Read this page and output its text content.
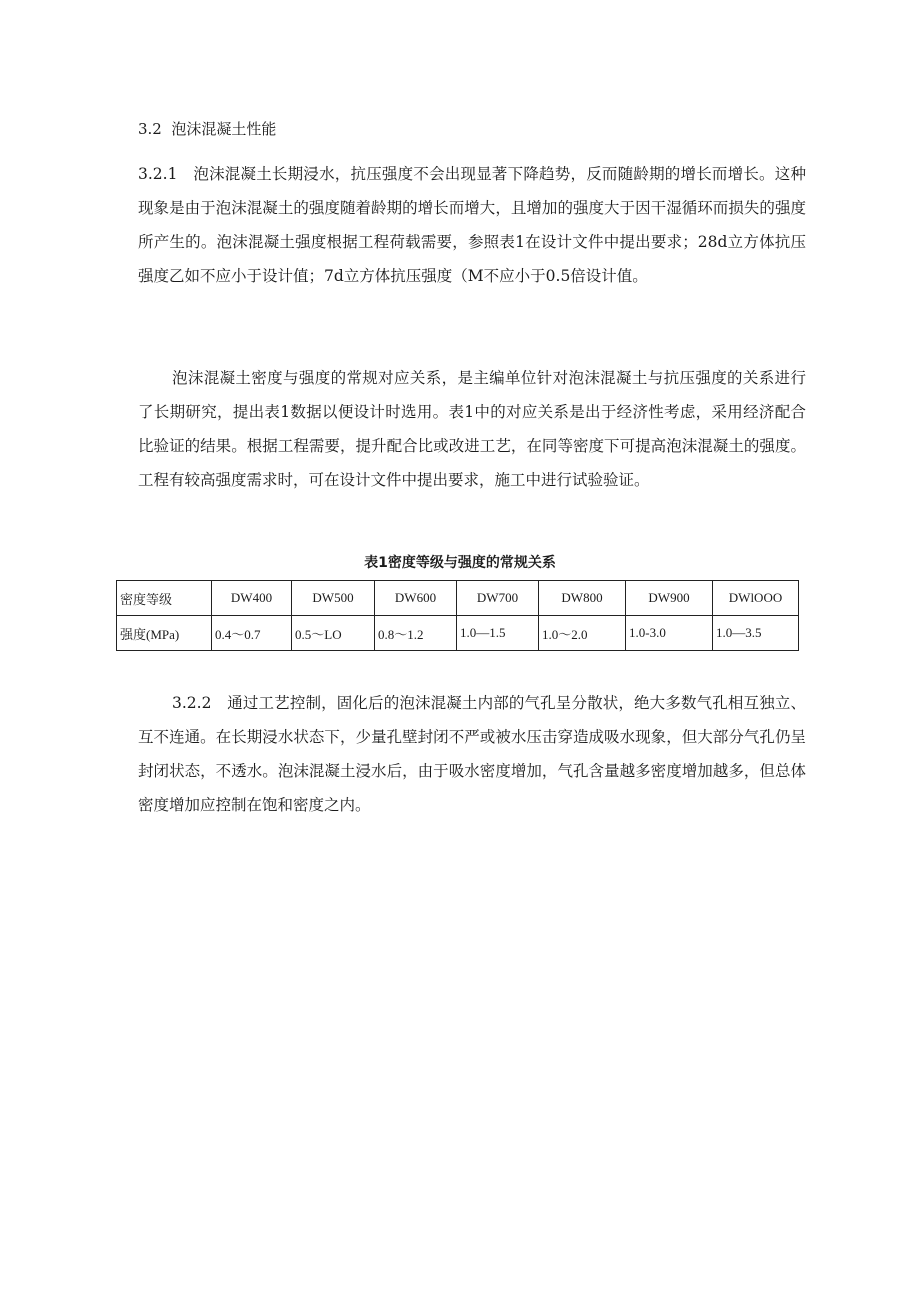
3.2 泡沫混凝土性能

3.2.1　泡沫混凝土长期浸水，抗压强度不会出现显著下降趋势，反而随龄期的增长而增长。这种现象是由于泡沫混凝土的强度随着龄期的增长而增大，且增加的强度大于因干湿循环而损失的强度所产生的。泡沫混凝土强度根据工程荷载需要，参照表1在设计文件中提出要求；28d立方体抗压强度乙如不应小于设计值；7d立方体抗压强度（M不应小于0.5倍设计值。

泡沫混凝土密度与强度的常规对应关系，是主编单位针对泡沫混凝土与抗压强度的关系进行了长期研究，提出表1数据以便设计时选用。表1中的对应关系是出于经济性考虑，采用经济配合比验证的结果。根据工程需要，提升配合比或改进工艺，在同等密度下可提高泡沫混凝土的强度。工程有较高强度需求时，可在设计文件中提出要求，施工中进行试验验证。

表1密度等级与强度的常规关系
密度等级	DW400	DW500	DW600	DW700	DW800	DW900	DWlOOO
强度(MPa)	0.4～0.7	0.5～LO	0.8～1.2	1.0—1.5	1.0～2.0	1.0-3.0	1.0—3.5

3.2.2　通过工艺控制，固化后的泡沫混凝土内部的气孔呈分散状，绝大多数气孔相互独立、互不连通。在长期浸水状态下，少量孔壁封闭不严或被水压击穿造成吸水现象，但大部分气孔仍呈封闭状态，不透水。泡沫混凝土浸水后，由于吸水密度增加，气孔含量越多密度增加越多，但总体密度增加应控制在饱和密度之内。
